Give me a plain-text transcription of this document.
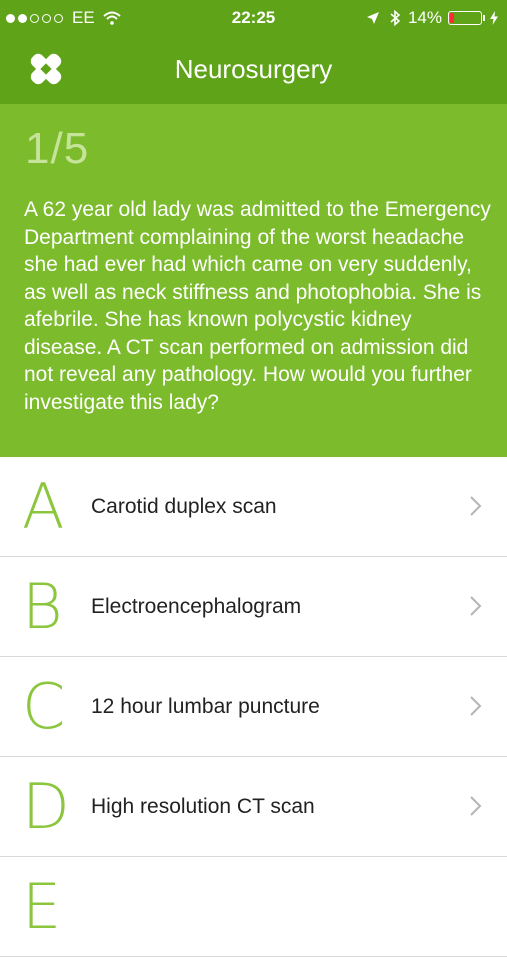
EE	22:25	14%
Neurosurgery
1/5
A 62 year old lady was admitted to the Emergency Department complaining of the worst headache she had ever had which came on very suddenly, as well as neck stiffness and photophobia. She is afebrile. She has known polycystic kidney disease. A CT scan performed on admission did not reveal any pathology. How would you further investigate this lady?
A	Carotid duplex scan
B	Electroencephalogram
C	12 hour lumbar puncture
D High resolution CT scan
E
